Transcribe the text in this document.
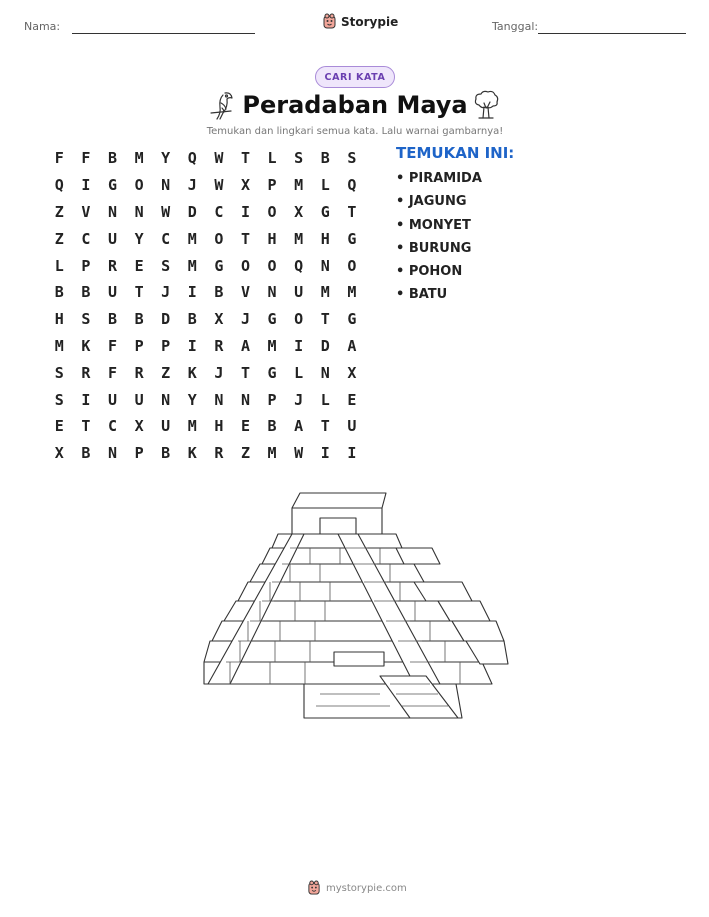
Nama:	Storypie	Tanggal:
CARI KATA
Peradaban Maya
Temukan dan lingkari semua kata. Lalu warnai gambarnya!
F	F	B	M	Y	Q	W	T	L	S	B	S
Q	I	G	O	N	J	W	X	P	M	L	Q
Z	V	N	N	W	D	C	I	O	X	G	T
Z	C	U	Y	C	M	O	T	H	M	H	G
L	P	R	E	S	M	G	O	O	Q	N	O
B	B	U	T	J	I	B	V	N	U	M	M
H	S	B	B	D	B	X	J	G	O	T	G
M	K	F	P	P	I	R	A	M	I	D	A
S	R	F	R	Z	K	J	T	G	L	N	X
S	I	U	U	N	Y	N	N	P	J	L	E
E	T	C	X	U	M	H	E	B	A	T	U
X	B	N	P	B	K	R	Z	M	W	I	I
TEMUKAN INI:
• PIRAMIDA
• JAGUNG
• MONYET
• BURUNG
• POHON
• BATU
mystorypie.com
